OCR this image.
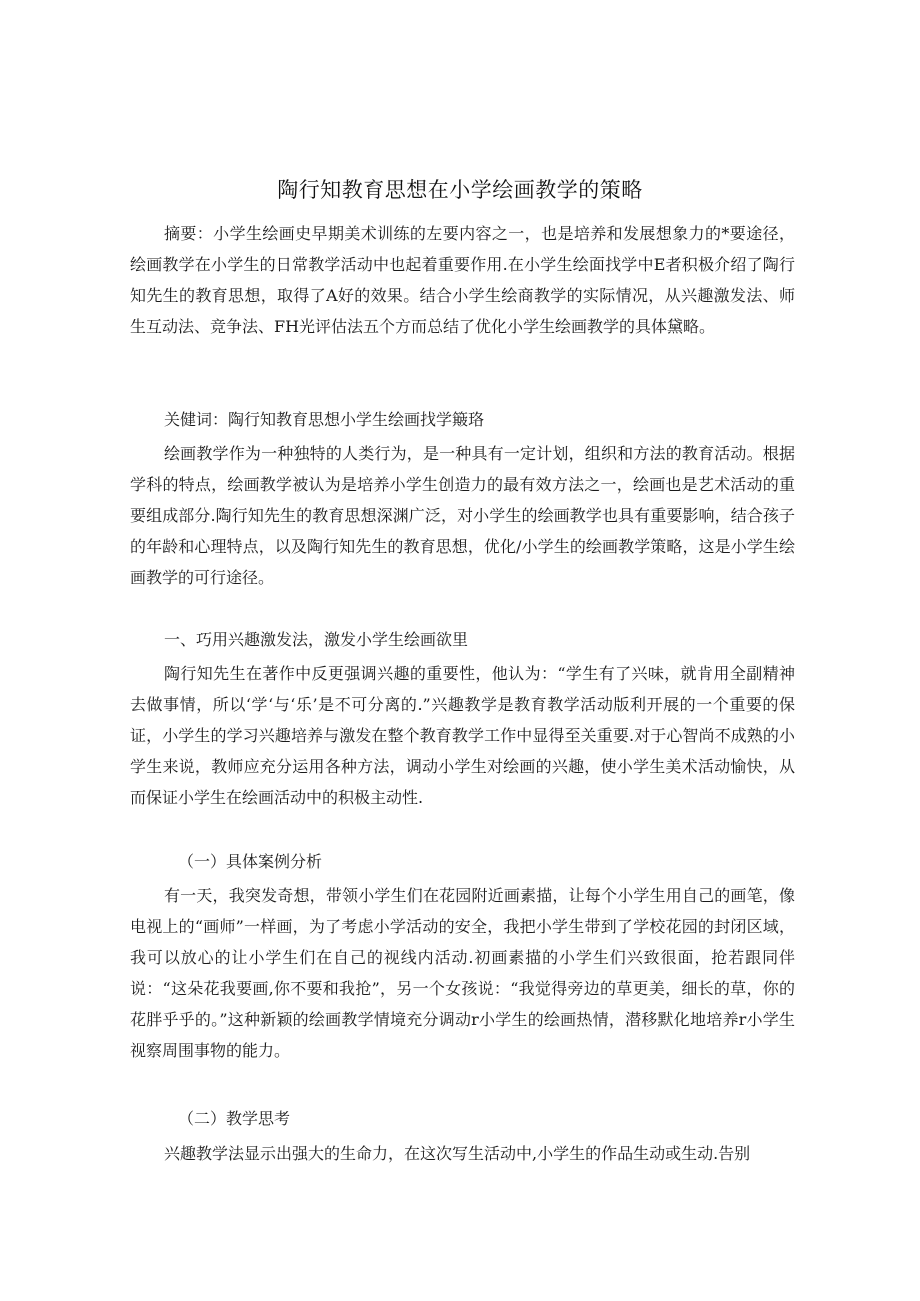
陶行知教育思想在小学绘画教学的策略
摘要：小学生绘画史早期美术训练的左要内容之一，也是培养和发展想象力的*要途径，绘画教学在小学生的日常教学活动中也起着重要作用.在小学生绘面找学中E者积极介绍了陶行知先生的教育思想，取得了A好的效果。结合小学生绘商教学的实际情况，从兴趣激发法、师生互动法、竞争法、FH光评估法五个方而总结了优化小学生绘画教学的具体黛略。
关健词：陶行知教育思想小学生绘画找学簸珞
绘画教学作为一种独特的人类行为，是一种具有一定计划，组织和方法的教育活动。根据学科的特点，绘画教学被认为是培养小学生创造力的最有效方法之一，绘画也是艺术活动的重要组成部分.陶行知先生的教育思想深渊广泛，对小学生的绘画教学也具有重要影响，结合孩子的年龄和心理特点，以及陶行知先生的教育思想，优化/小学生的绘画教学策略，这是小学生绘画教学的可行途径。
一、巧用兴趣激发法，激发小学生绘画欲里
陶行知先生在著作中反更强调兴趣的重要性，他认为：“学生有了兴味，就肯用全副精神去做事情，所以‘学‘与‘乐’是不可分离的.”兴趣教学是教育教学活动版利开展的一个重要的保证，小学生的学习兴趣培养与激发在整个教育教学工作中显得至关重要.对于心智尚不成熟的小学生来说，教师应充分运用各种方法，调动小学生对绘画的兴趣，使小学生美术活动愉快，从而保证小学生在绘画活动中的积极主动性.
（一）具体案例分析
有一天，我突发奇想，带领小学生们在花园附近画素描，让每个小学生用自己的画笔，像电视上的“画师”一样画，为了考虑小学活动的安全，我把小学生带到了学校花园的封闭区域，我可以放心的让小学生们在自己的视线内活动.初画素描的小学生们兴致很面，抢若跟同伴说：“这朵花我要画,你不要和我抢”，另一个女孩说：“我觉得旁边的草更美，细长的草，你的花胖乎乎的。”这种新颖的绘画教学情境充分调动r小学生的绘画热情，潜移默化地培养r小学生视察周围事物的能力。
（二）教学思考
兴趣教学法显示出强大的生命力，在这次写生活动中,小学生的作品生动或生动.告别
